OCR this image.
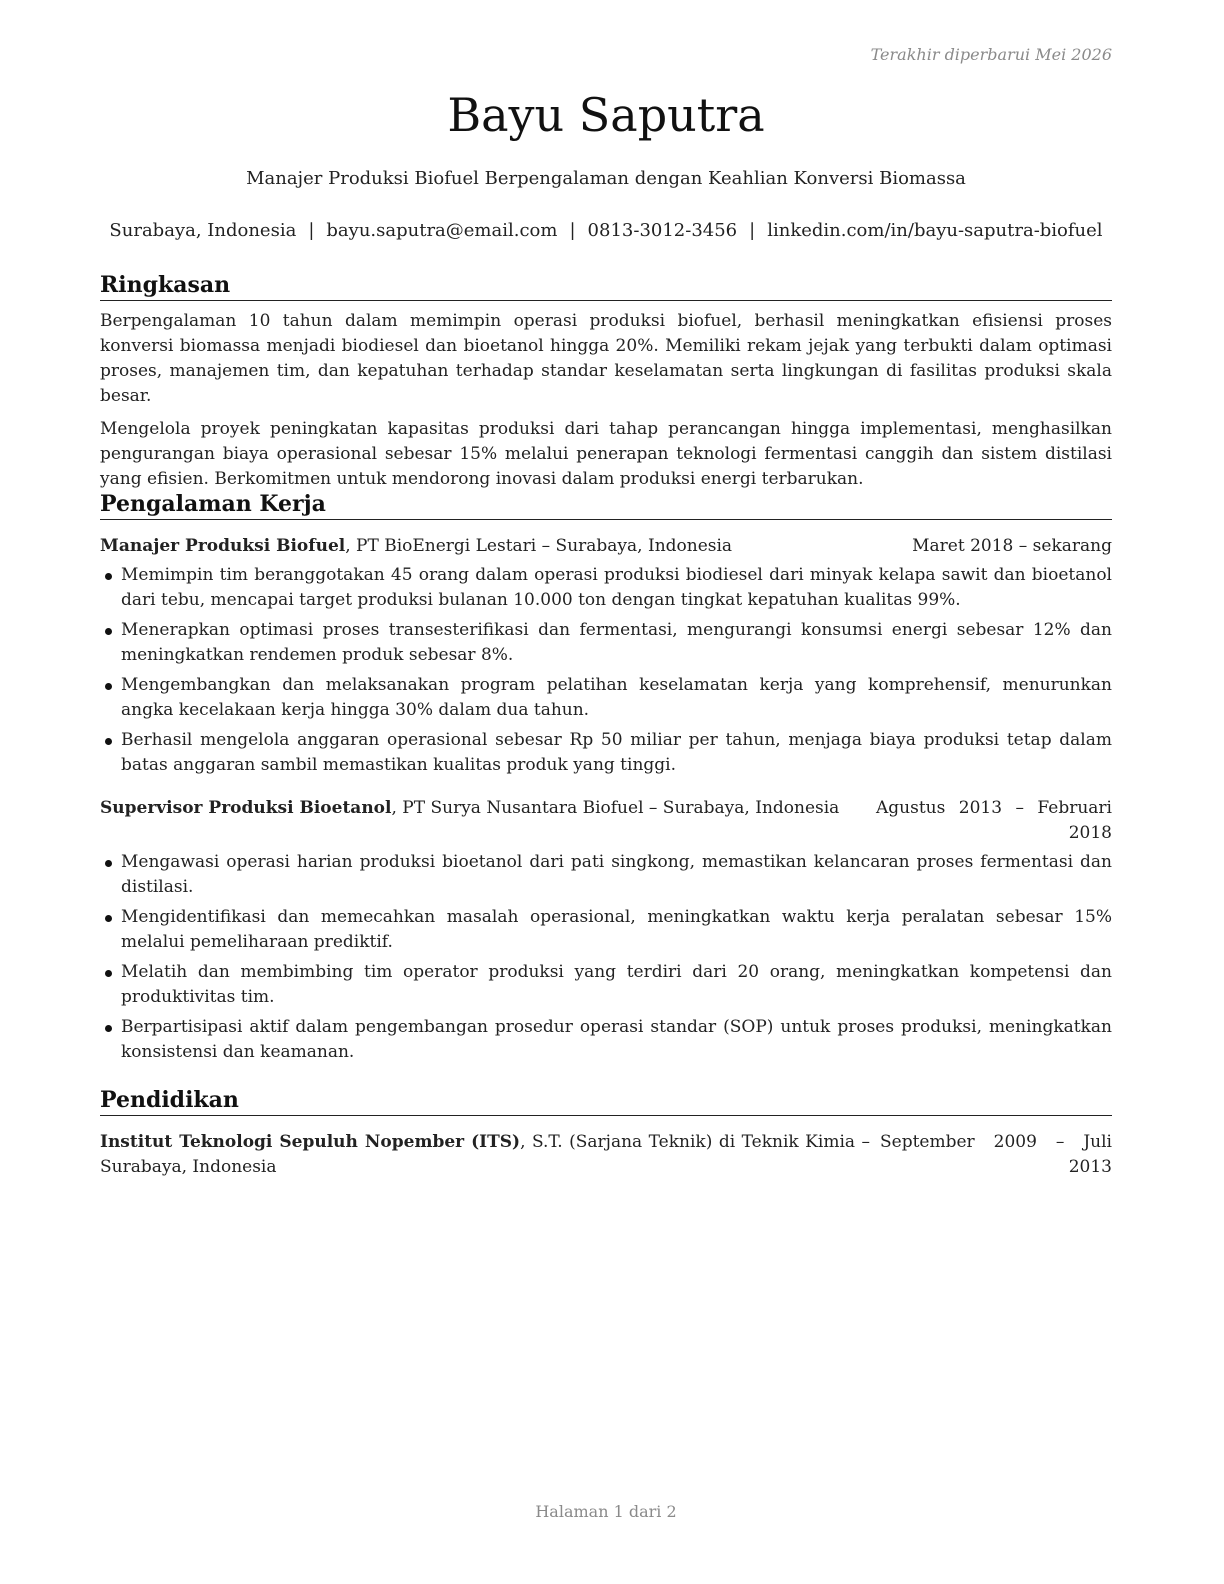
Terakhir diperbarui Mei 2026
Bayu Saputra
Manajer Produksi Biofuel Berpengalaman dengan Keahlian Konversi Biomassa
Surabaya, Indonesia | bayu.saputra@email.com | 0813-3012-3456 | linkedin.com/in/bayu-saputra-biofuel
Ringkasan

Berpengalaman 10 tahun dalam memimpin operasi produksi biofuel, berhasil meningkatkan efisiensi proses konversi biomassa menjadi biodiesel dan bioetanol hingga 20%. Memiliki rekam jejak yang terbukti dalam optimasi proses, manajemen tim, dan kepatuhan terhadap standar keselamatan serta lingkungan di fasilitas produksi skala besar.

Mengelola proyek peningkatan kapasitas produksi dari tahap perancangan hingga implementasi, menghasilkan pengurangan biaya operasional sebesar 15% melalui penerapan teknologi fermentasi canggih dan sistem distilasi yang efisien. Berkomitmen untuk mendorong inovasi dalam produksi energi terbarukan.

Pengalaman Kerja
Manajer Produksi Biofuel, PT BioEnergi Lestari – Surabaya, Indonesia	Maret 2018 – sekarang
Memimpin tim beranggotakan 45 orang dalam operasi produksi biodiesel dari minyak kelapa sawit dan bioetanol dari tebu, mencapai target produksi bulanan 10.000 ton dengan tingkat kepatuhan kualitas 99%.
Menerapkan optimasi proses transesterifikasi dan fermentasi, mengurangi konsumsi energi sebesar 12% dan meningkatkan rendemen produk sebesar 8%.
Mengembangkan dan melaksanakan program pelatihan keselamatan kerja yang komprehensif, menurunkan angka kecelakaan kerja hingga 30% dalam dua tahun.
Berhasil mengelola anggaran operasional sebesar Rp 50 miliar per tahun, menjaga biaya produksi tetap dalam batas anggaran sambil memastikan kualitas produk yang tinggi.
Supervisor Produksi Bioetanol, PT Surya Nusantara Biofuel – Surabaya, Indonesia	Agustus 2013 – Februari 2018
Mengawasi operasi harian produksi bioetanol dari pati singkong, memastikan kelancaran proses fermentasi dan distilasi.
Mengidentifikasi dan memecahkan masalah operasional, meningkatkan waktu kerja peralatan sebesar 15% melalui pemeliharaan prediktif.
Melatih dan membimbing tim operator produksi yang terdiri dari 20 orang, meningkatkan kompetensi dan produktivitas tim.
Berpartisipasi aktif dalam pengembangan prosedur operasi standar (SOP) untuk proses produksi, meningkatkan konsistensi dan keamanan.
Pendidikan
Institut Teknologi Sepuluh Nopember (ITS), S.T. (Sarjana Teknik) di Teknik Kimia – Surabaya, Indonesia
September 2009 – Juli 2013
Halaman 1 dari 2
